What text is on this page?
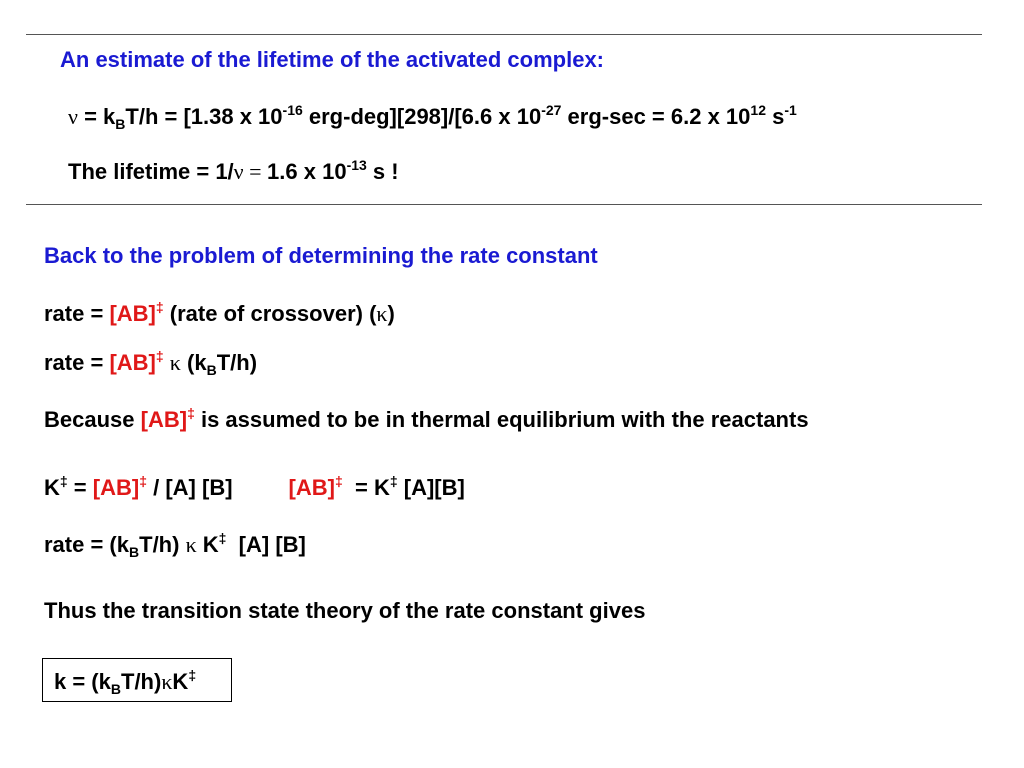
An estimate of the lifetime of the activated complex:
$\nu = k_BT/h = [1.38$ x $10^{-16}$ erg-deg][298]/[6.6 x $10^{-27}$ erg-sec = 6.2 x $10^{12}$ $s^{-1}$
The lifetime = 1/ν = 1.6 x $10^{-13}$ s !
Back to the problem of determining the rate constant
rate = [AB]‡ (rate of crossover) (κ)
rate = [AB]‡ κ $(k_BT/h)$
Because [AB]‡ is assumed to be in thermal equilibrium with the reactants
K‡ = [AB]‡ / [A] [B]	[AB]‡  = K‡ [A][B]
rate = $(k_BT/h)$ κ K‡  [A] [B]
Thus the transition state theory of the rate constant gives
$k = (k_BT/h)\kappa K^\ddagger$
